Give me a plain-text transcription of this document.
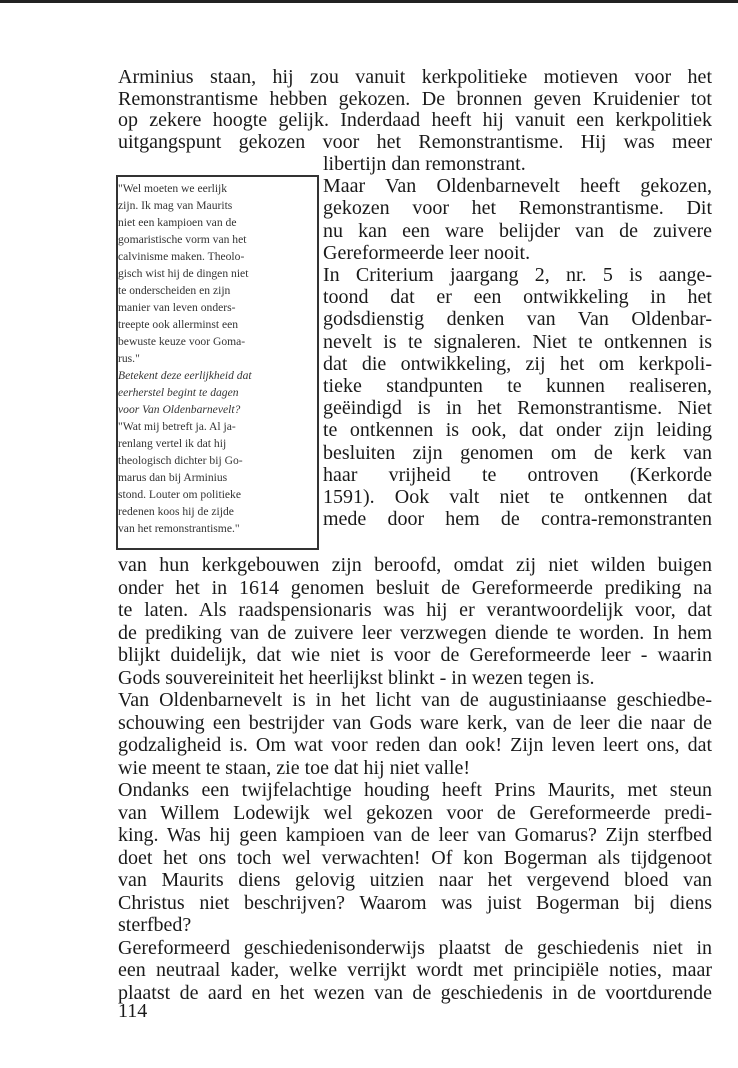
Arminius staan, hij zou vanuit kerkpolitieke motieven voor het
Remonstrantisme hebben gekozen. De bronnen geven Kruidenier tot
op zekere hoogte gelijk. Inderdaad heeft hij vanuit een kerkpolitiek
uitgangspunt gekozen voor het Remonstrantisme. Hij was meer
libertijn dan remonstrant.
Maar Van Oldenbarnevelt heeft gekozen,
gekozen voor het Remonstrantisme. Dit
nu kan een ware belijder van de zuivere
Gereformeerde leer nooit.
In Criterium jaargang 2, nr. 5 is aange-
toond dat er een ontwikkeling in het
godsdienstig denken van Van Oldenbar-
nevelt is te signaleren. Niet te ontkennen is
dat die ontwikkeling, zij het om kerkpoli-
tieke standpunten te kunnen realiseren,
geëindigd is in het Remonstrantisme. Niet
te ontkennen is ook, dat onder zijn leiding
besluiten zijn genomen om de kerk van
haar vrijheid te ontroven (Kerkorde
1591). Ook valt niet te ontkennen dat
mede door hem de contra-remonstranten
van hun kerkgebouwen zijn beroofd, omdat zij niet wilden buigen
onder het in 1614 genomen besluit de Gereformeerde prediking na
te laten. Als raadspensionaris was hij er verantwoordelijk voor, dat
de prediking van de zuivere leer verzwegen diende te worden. In hem
blijkt duidelijk, dat wie niet is voor de Gereformeerde leer - waarin
Gods souvereiniteit het heerlijkst blinkt - in wezen tegen is.
Van Oldenbarnevelt is in het licht van de augustiniaanse geschiedbe-
schouwing een bestrijder van Gods ware kerk, van de leer die naar de
godzaligheid is. Om wat voor reden dan ook! Zijn leven leert ons, dat
wie meent te staan, zie toe dat hij niet valle!
Ondanks een twijfelachtige houding heeft Prins Maurits, met steun
van Willem Lodewijk wel gekozen voor de Gereformeerde predi-
king. Was hij geen kampioen van de leer van Gomarus? Zijn sterfbed
doet het ons toch wel verwachten! Of kon Bogerman als tijdgenoot
van Maurits diens gelovig uitzien naar het vergevend bloed van
Christus niet beschrijven? Waarom was juist Bogerman bij diens
sterfbed?
Gereformeerd geschiedenisonderwijs plaatst de geschiedenis niet in
een neutraal kader, welke verrijkt wordt met principiële noties, maar
plaatst de aard en het wezen van de geschiedenis in de voortdurende
"Wel moeten we eerlijk
zijn. Ik mag van Maurits
niet een kampioen van de
gomaristische vorm van het
calvinisme maken. Theolo-
gisch wist hij de dingen niet
te onderscheiden en zijn
manier van leven onders-
treepte ook allerminst een
bewuste keuze voor Goma-
rus."
Betekent deze eerlijkheid dat
eerherstel begint te dagen
voor Van Oldenbarnevelt?
"Wat mij betreft ja. Al ja-
renlang vertel ik dat hij
theologisch dichter bij Go-
marus dan bij Arminius
stond. Louter om politieke
redenen koos hij de zijde
van het remonstrantisme."
114
